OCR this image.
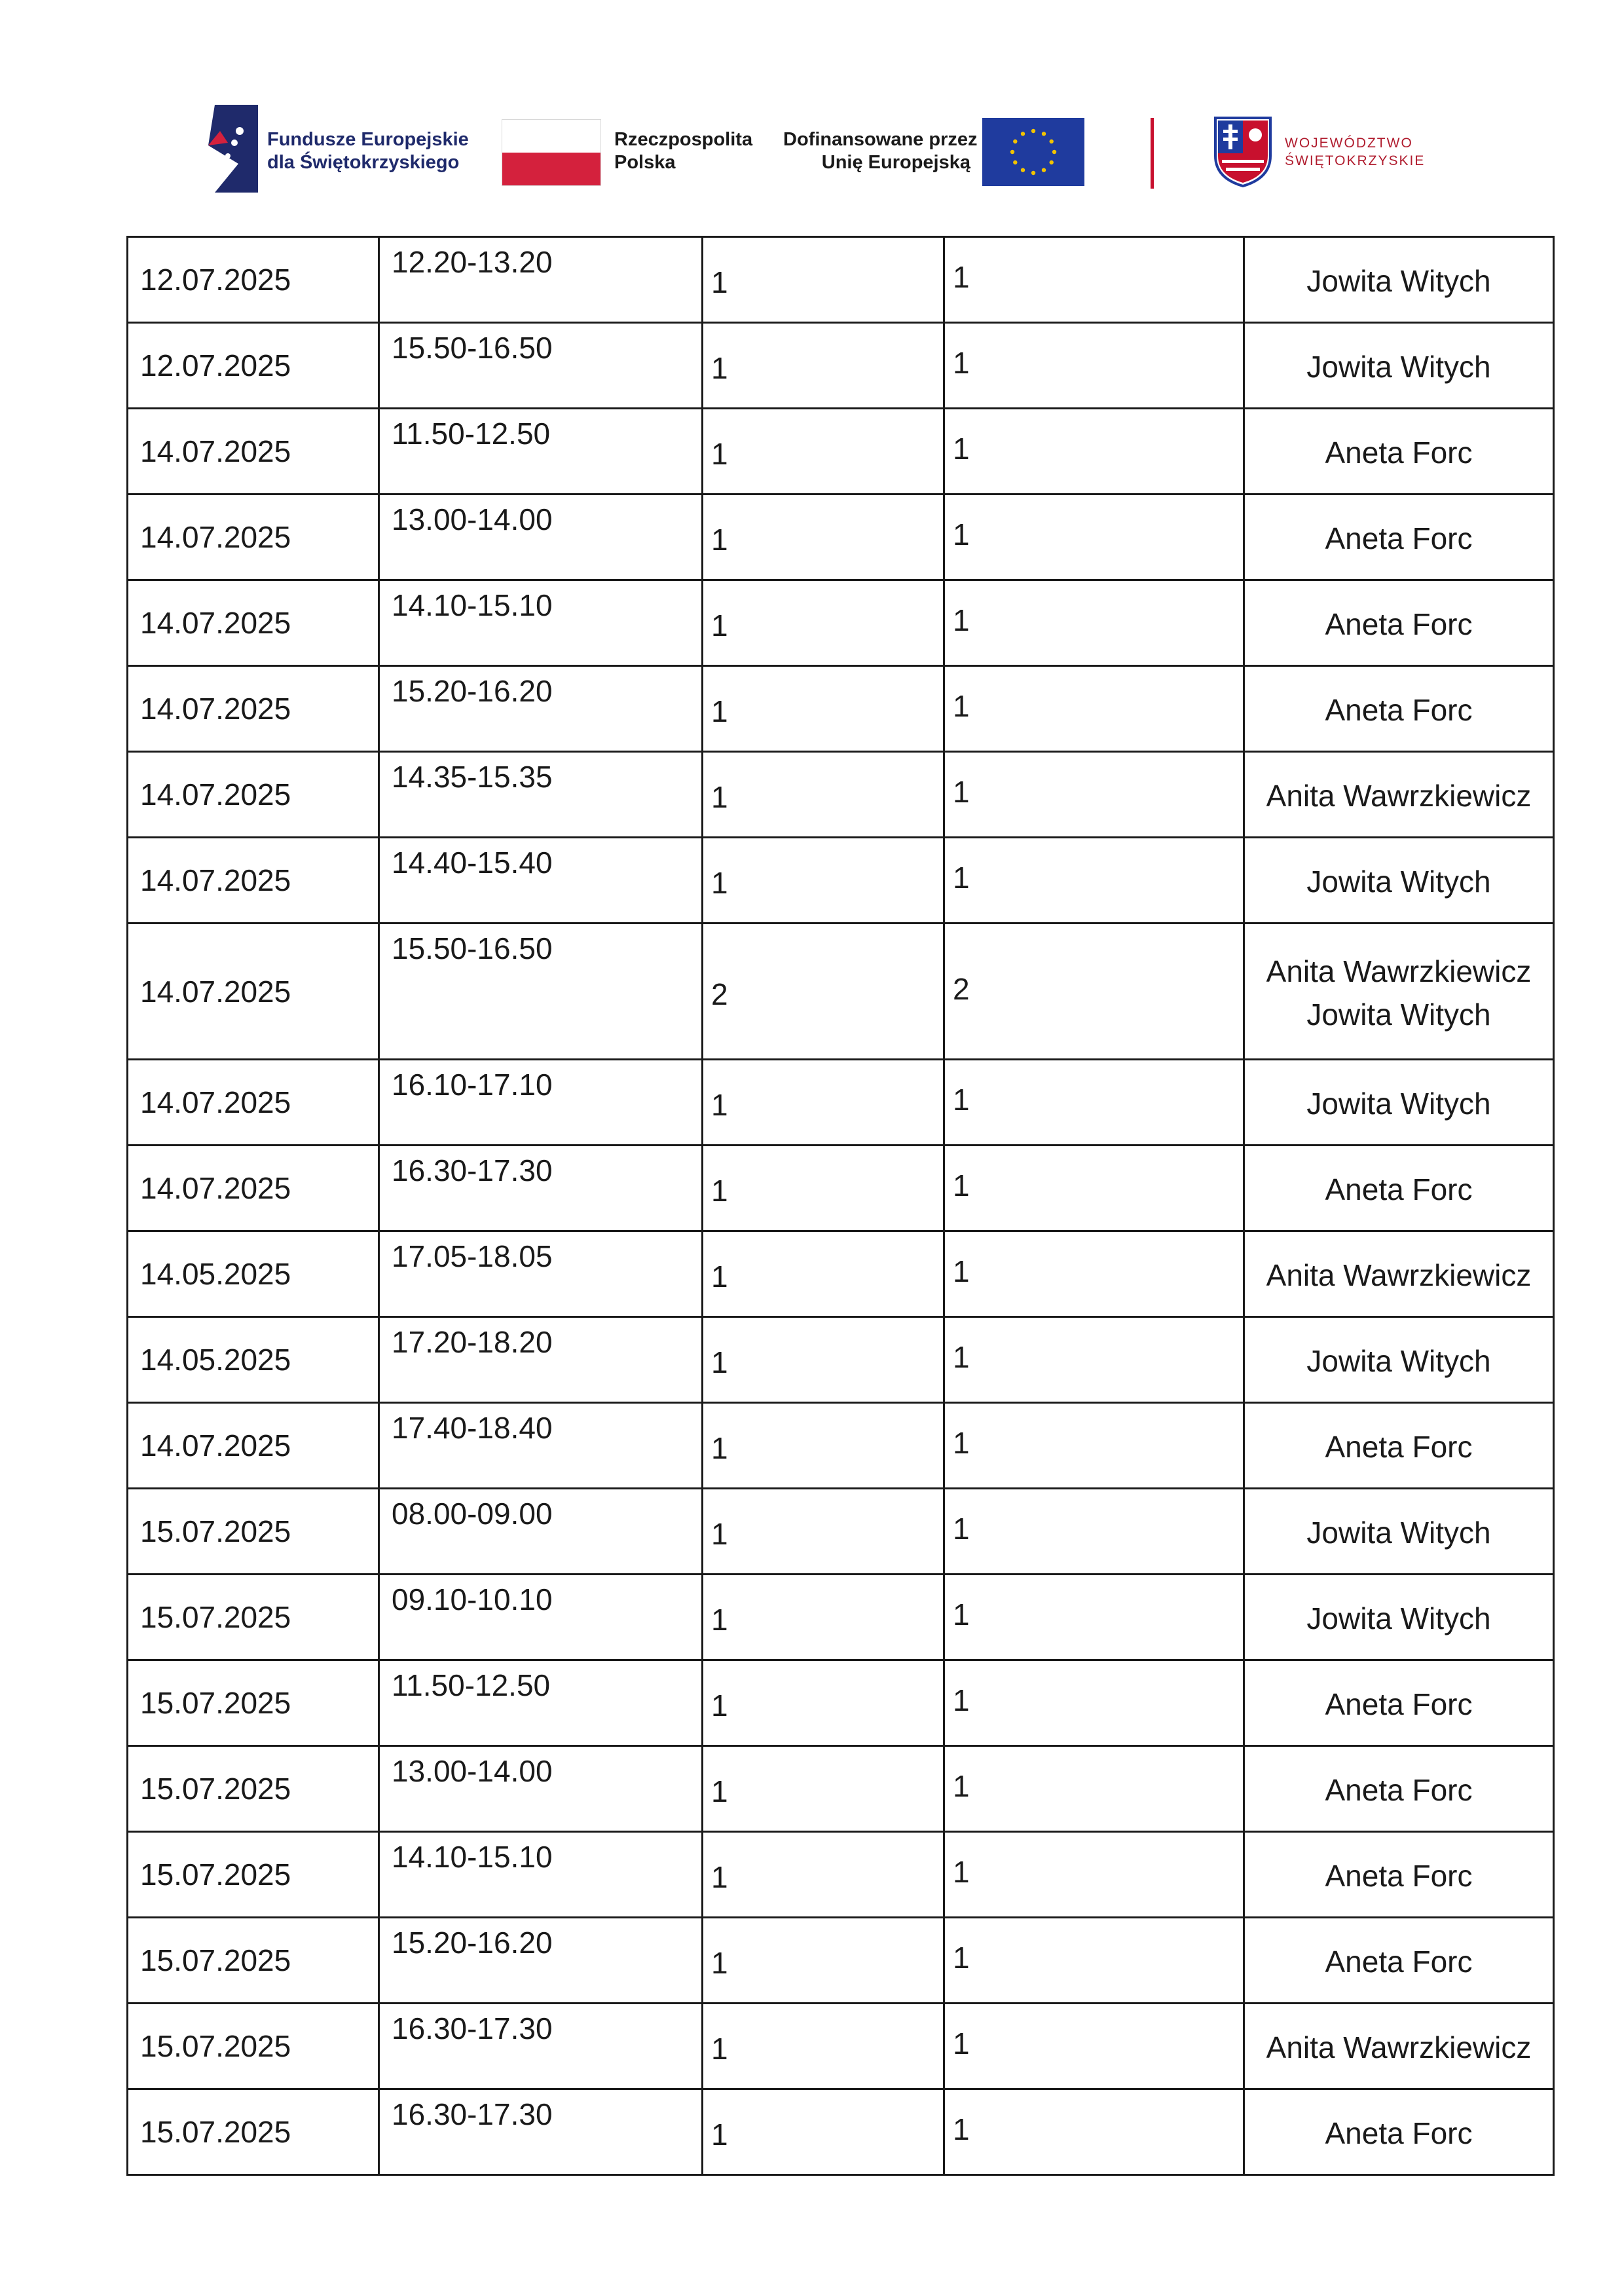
Fundusze Europejskie
dla Świętokrzyskiego
Rzeczpospolita
Polska
Dofinansowane przez
Unię Europejską
WOJEWÓDZTWO
ŚWIĘTOKRZYSKIE
12.07.2025	12.20-13.20	1	1	Jowita Witych

12.07.2025	15.50-16.50	1	1	Jowita Witych

14.07.2025	11.50-12.50	1	1	Aneta Forc

14.07.2025	13.00-14.00	1	1	Aneta Forc

14.07.2025	14.10-15.10	1	1	Aneta Forc

14.07.2025	15.20-16.20	1	1	Aneta Forc

14.07.2025	14.35-15.35	1	1	Anita Wawrzkiewicz

14.07.2025	14.40-15.40	1	1	Jowita Witych

14.07.2025	15.50-16.50	2	2	Anita Wawrzkiewicz
Jowita Witych

14.07.2025	16.10-17.10	1	1	Jowita Witych

14.07.2025	16.30-17.30	1	1	Aneta Forc

14.05.2025	17.05-18.05	1	1	Anita Wawrzkiewicz

14.05.2025	17.20-18.20	1	1	Jowita Witych

14.07.2025	17.40-18.40	1	1	Aneta Forc

15.07.2025	08.00-09.00	1	1	Jowita Witych

15.07.2025	09.10-10.10	1	1	Jowita Witych

15.07.2025	11.50-12.50	1	1	Aneta Forc

15.07.2025	13.00-14.00	1	1	Aneta Forc

15.07.2025	14.10-15.10	1	1	Aneta Forc

15.07.2025	15.20-16.20	1	1	Aneta Forc

15.07.2025	16.30-17.30	1	1	Anita Wawrzkiewicz

15.07.2025	16.30-17.30	1	1	Aneta Forc
